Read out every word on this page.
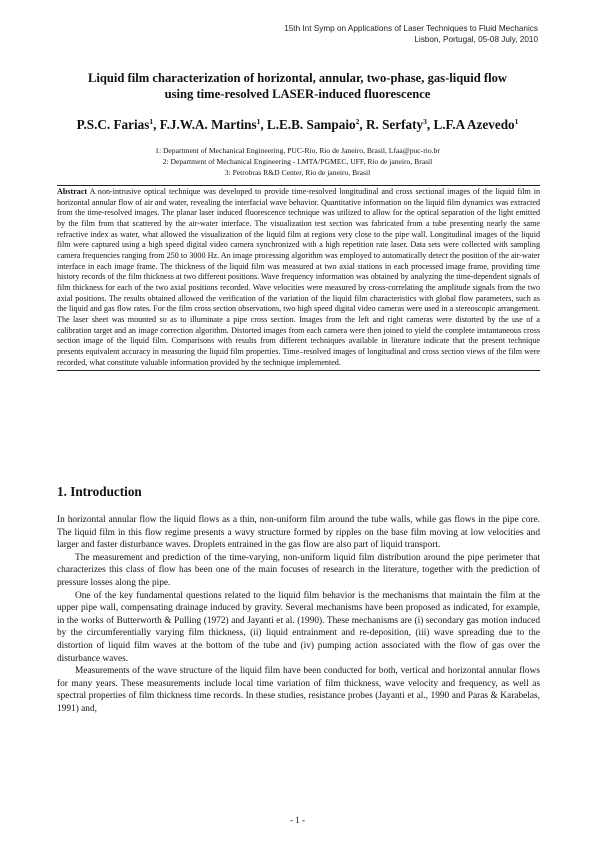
15th Int Symp on Applications of Laser Techniques to Fluid Mechanics
Lisbon, Portugal, 05-08 July, 2010
Liquid film characterization of horizontal, annular, two-phase, gas-liquid flow
using time-resolved LASER-induced fluorescence
P.S.C. Farias$^1$, F.J.W.A. Martins$^1$, L.E.B. Sampaio$^2$, R. Serfaty$^3$, L.F.A Azevedo$^1$
1: Department of Mechanical Engineering, PUC-Rio, Rio de Janeiro, Brasil, Lfaa@puc-rio.br
2: Department of Mechanical Engineering - LMTA/PGMEC, UFF, Rio de janeiro, Brasil
3: Petrobras R&D Center, Rio de janeiro, Brasil
Abstract A non-intrusive optical technique was developed to provide time-resolved longitudinal and cross sectional images of the liquid film in horizontal annular flow of air and water, revealing the interfacial wave behavior. Quantitative information on the liquid film dynamics was extracted from the time-resolved images. The planar laser induced fluorescence technique was utilized to allow for the optical separation of the light emitted by the film from that scattered by the air-water interface. The visualization test section was fabricated from a tube presenting nearly the same refractive index as water, what allowed the visualization of the liquid film at regions very close to the pipe wall. Longitudinal images of the liquid film were captured using a high speed digital video camera synchronized with a high repetition rate laser. Data sets were collected with sampling camera frequencies ranging from 250 to 3000 Hz. An image processing algorithm was employed to automatically detect the position of the air-water interface in each image frame. The thickness of the liquid film was measured at two axial stations in each processed image frame, providing time history records of the film thickness at two different positions. Wave frequency information was obtained by analyzing the time-dependent signals of film thickness for each of the two axial positions recorded. Wave velocities were measured by cross-correlating the amplitude signals from the two axial positions. The results obtained allowed the verification of the variation of the liquid film characteristics with global flow parameters, such as the liquid and gas flow rates. For the film cross section observations, two high speed digital video cameras were used in a stereoscopic arrangement. The laser sheet was mounted so as to illuminate a pipe cross section. Images from the left and right cameras were distorted by the use of a calibration target and an image correction algorithm. Distorted images from each camera were then joined to yield the complete instantaneous cross section image of the liquid film. Comparisons with results from different techniques available in literature indicate that the present technique presents equivalent accuracy in measuring the liquid film properties. Time–resolved images of longitudinal and cross section views of the film were recorded, what constitute valuable information provided by the technique implemented.
1. Introduction

In horizontal annular flow the liquid flows as a thin, non-uniform film around the tube walls, while gas flows in the pipe core. The liquid film in this flow regime presents a wavy structure formed by ripples on the base film moving at low velocities and larger and faster disturbance waves. Droplets entrained in the gas flow are also part of liquid transport.

The measurement and prediction of the time-varying, non-uniform liquid film distribution around the pipe perimeter that characterizes this class of flow has been one of the main focuses of research in the literature, together with the prediction of pressure losses along the pipe.

One of the key fundamental questions related to the liquid film behavior is the mechanisms that maintain the film at the upper pipe wall, compensating drainage induced by gravity. Several mechanisms have been proposed as indicated, for example, in the works of Butterworth & Pulling (1972) and Jayanti et al. (1990). These mechanisms are (i) secondary gas motion induced by the circumferentially varying film thickness, (ii) liquid entrainment and re-deposition, (iii) wave spreading due to the distortion of liquid film waves at the bottom of the tube and (iv) pumping action associated with the flow of gas over the disturbance waves.

Measurements of the wave structure of the liquid film have been conducted for both, vertical and horizontal annular flows for many years. These measurements include local time variation of film thickness, wave velocity and frequency, as well as spectral properties of film thickness time records. In these studies, resistance probes (Jayanti et al., 1990 and Paras & Karabelas, 1991) and,

- 1 -
